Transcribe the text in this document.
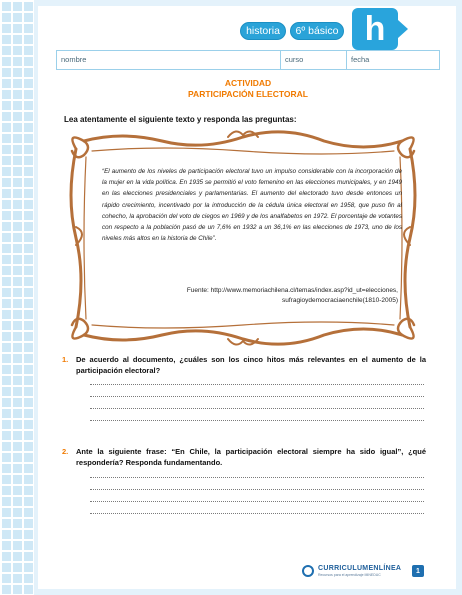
historia	6º básico h
nombre	curso	fecha
ACTIVIDAD
PARTICIPACIÓN ELECTORAL
Lea atentamente el siguiente texto y responda las preguntas:
“El aumento de los niveles de participación electoral tuvo un impulso considerable con la incorporación de la mujer en la vida política. En 1935 se permitió el voto femenino en las elecciones municipales, y en 1949 en las elecciones presidenciales y parlamentarias. El aumento del electorado tuvo desde entonces un rápido crecimiento, incentivado por la introducción de la cédula única electoral en 1958, que puso fin al cohecho, la aprobación del voto de ciegos en 1969 y de los analfabetos en 1972. El porcentaje de votantes con respecto a la población pasó de un 7,6% en 1932 a un 36,1% en las elecciones de 1973, uno de los niveles más altos en la historia de Chile”.
Fuente: http://www.memoriachilena.cl/temas/index.asp?id_ut=elecciones,
sufragioydemocraciaenchile(1810-2005)
1. De acuerdo al documento, ¿cuáles son los cinco hitos más relevantes en el aumento de la participación electoral?
2. Ante la siguiente frase: “En Chile, la participación electoral siempre ha sido igual”, ¿qué respondería? Responda fundamentando.
CURRICULUMENLÍNEA
Recursos para el aprendizaje MINEDUC
1
